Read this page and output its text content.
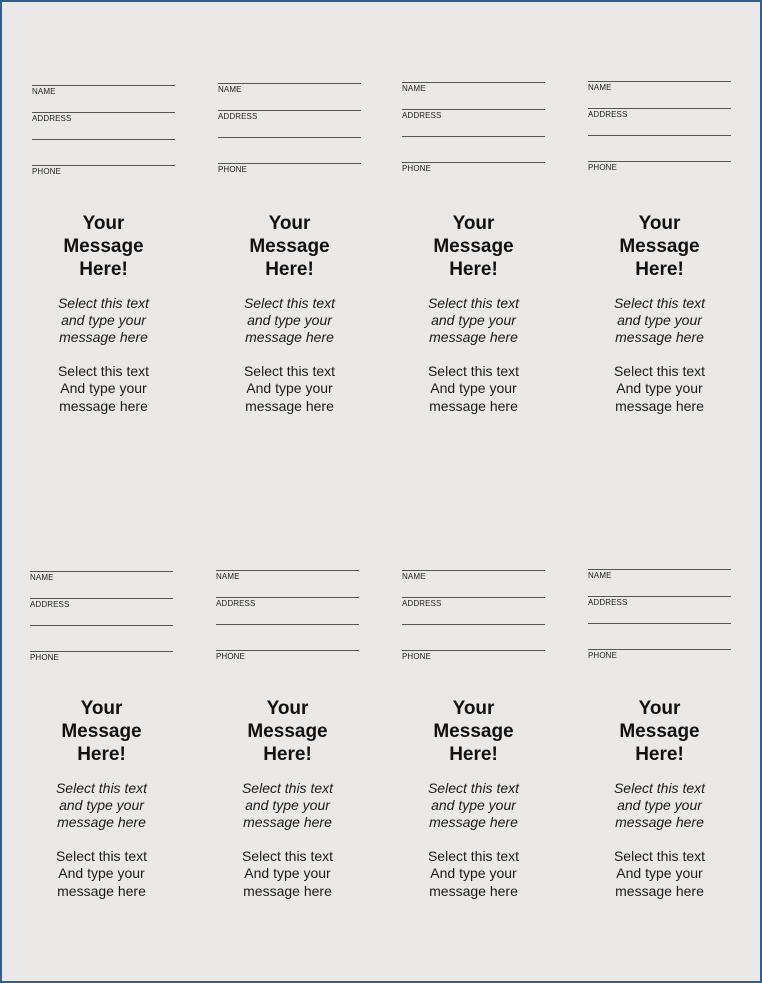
NAME
ADDRESS
PHONE
Your
Message
Here!
Select this text
and type your
message here
Select this text
And type your
message here
NAME
ADDRESS
PHONE
Your
Message
Here!
Select this text
and type your
message here
Select this text
And type your
message here
NAME
ADDRESS
PHONE
Your
Message
Here!
Select this text
and type your
message here
Select this text
And type your
message here
NAME
ADDRESS
PHONE
Your
Message
Here!
Select this text
and type your
message here
Select this text
And type your
message here
NAME
ADDRESS
PHONE
Your
Message
Here!
Select this text
and type your
message here
Select this text
And type your
message here
NAME
ADDRESS
PHONE
Your
Message
Here!
Select this text
and type your
message here
Select this text
And type your
message here
NAME
ADDRESS
PHONE
Your
Message
Here!
Select this text
and type your
message here
Select this text
And type your
message here
NAME
ADDRESS
PHONE
Your
Message
Here!
Select this text
and type your
message here
Select this text
And type your
message here
